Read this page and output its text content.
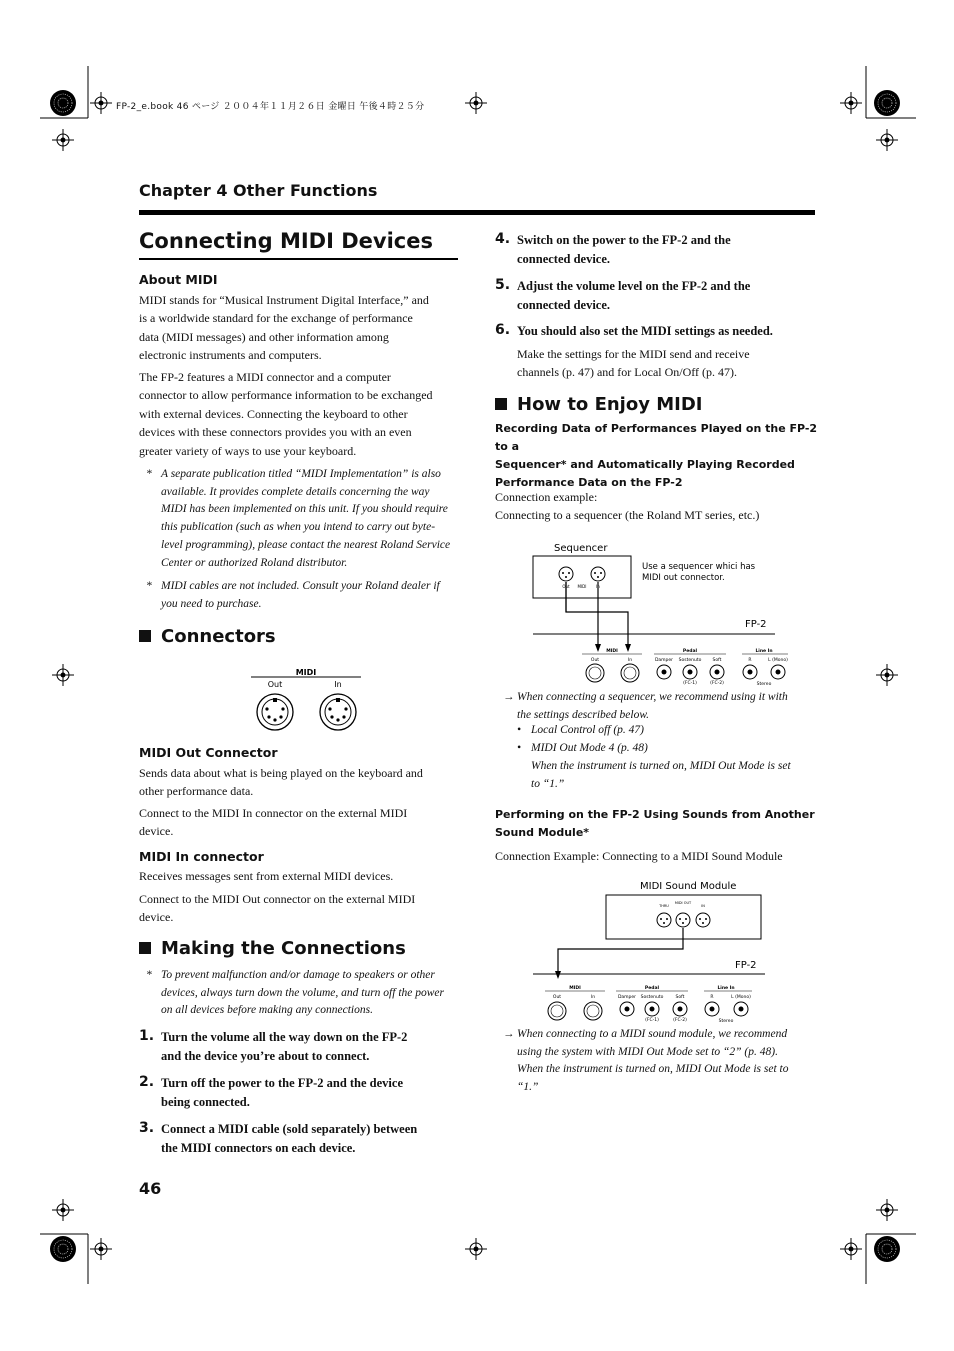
FP-2_e.book 46 ページ ２００４年１１月２６日 金曜日 午後４時２５分
Chapter 4 Other Functions
Connecting MIDI Devices
About MIDI
MIDI stands for “Musical Instrument Digital Interface,” and
is a worldwide standard for the exchange of performance
data (MIDI messages) and other information among
electronic instruments and computers.
The FP-2 features a MIDI connector and a computer
connector to allow performance information to be exchanged
with external devices. Connecting the keyboard to other
devices with these connectors provides you with an even
greater variety of ways to use your keyboard.
* A separate publication titled “MIDI Implementation” is also
available. It provides complete details concerning the way
MIDI has been implemented on this unit. If you should require
this publication (such as when you intend to carry out byte-
level programming), please contact the nearest Roland Service
Center or authorized Roland distributor.
* MIDI cables are not included. Consult your Roland dealer if
you need to purchase.
Connectors
MIDI
Out	In
MIDI Out Connector
Sends data about what is being played on the keyboard and
other performance data.
Connect to the MIDI In connector on the external MIDI
device.
MIDI In connector
Receives messages sent from external MIDI devices.
Connect to the MIDI Out connector on the external MIDI
device.
Making the Connections
* To prevent malfunction and/or damage to speakers or other
devices, always turn down the volume, and turn off the power
on all devices before making any connections.
1. Turn the volume all the way down on the FP-2
and the device you’re about to connect.
2. Turn off the power to the FP-2 and the device
being connected.
3. Connect a MIDI cable (sold separately) between
the MIDI connectors on each device.
46
4. Switch on the power to the FP-2 and the
connected device.
5. Adjust the volume level on the FP-2 and the
connected device.
6. You should also set the MIDI settings as needed.
Make the settings for the MIDI send and receive
channels (p. 47) and for Local On/Off (p. 47).
How to Enjoy MIDI
Recording Data of Performances Played on the FP-2 to a
Sequencer* and Automatically Playing Recorded
Performance Data on the FP-2
Connection example:
Connecting to a sequencer (the Roland MT series, etc.)
Sequencer
Out MIDI In
Use a sequencer whici has
MIDI out connector.
FP-2
MIDI
Out	In
Pedal
Damper Sostenuto Soft
(FC-1)	(FC-2)
Line In
R	L (Mono)
Stereo
→ When connecting a sequencer, we recommend using it with
the settings described below.
• Local Control off (p. 47)
• MIDI Out Mode 4 (p. 48)
When the instrument is turned on, MIDI Out Mode is set
to “1.”
Performing on the FP-2 Using Sounds from Another
Sound Module*
Connection Example: Connecting to a MIDI Sound Module
MIDI Sound Module
THRU
MIDI OUT
IN
FP-2
MIDI
Out	In
Pedal
Damper Sostenuto	Soft
(FC-1)	(FC-2)
Line In
R	L (Mono)
Stereo
→ When connecting to a MIDI sound module, we recommend
using the system with MIDI Out Mode set to “2” (p. 48).
When the instrument is turned on, MIDI Out Mode is set to
“1.”
